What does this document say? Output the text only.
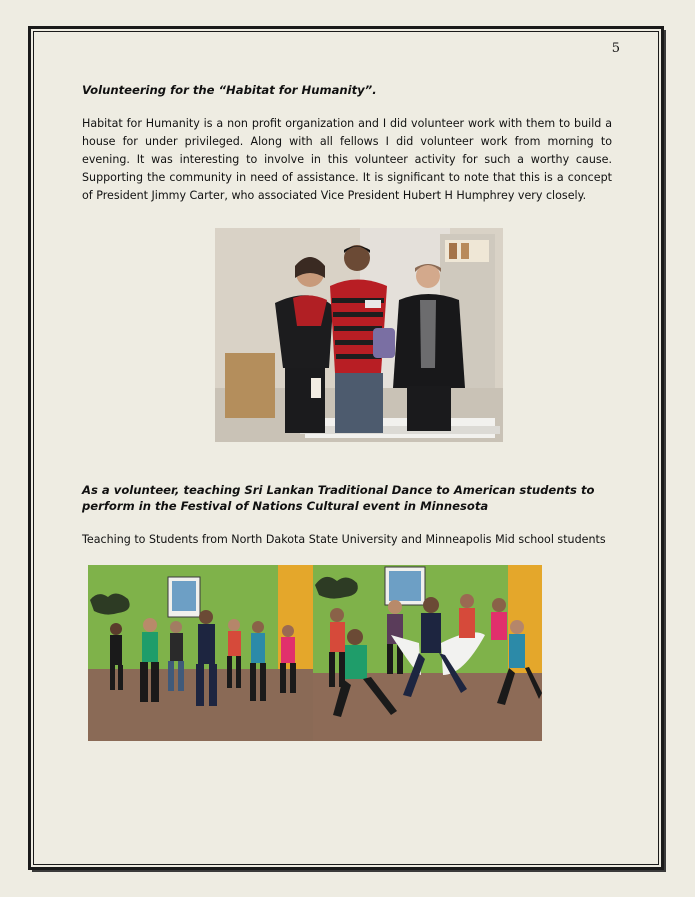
5
Volunteering for the “Habitat for Humanity”.
Habitat for Humanity is a non profit organization and I did volunteer work with them to build a house for under privileged. Along with all fellows I did volunteer work from morning to evening. It was interesting to involve in this volunteer activity for such a worthy cause. Supporting the community in need of assistance. It is significant to note that this is a concept of President Jimmy Carter, who associated Vice President Hubert H Humphrey very closely.
As a volunteer, teaching Sri Lankan Traditional Dance to American students to perform in the Festival of Nations Cultural event in Minnesota
Teaching to Students from North Dakota State University and Minneapolis Mid school students
